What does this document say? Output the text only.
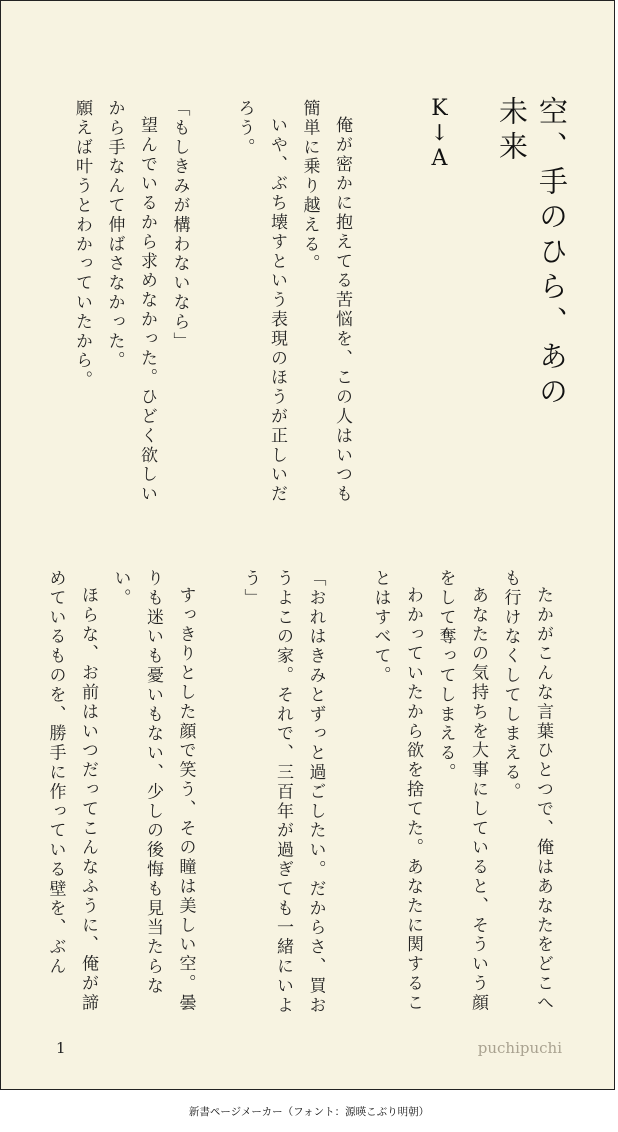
空、手のひら、あの未来
K↓A

俺が密かに抱えてる苦悩を、この人はいつも簡単に乗り越える。

いや、ぶち壊すという表現のほうが正しいだろう。

「もしきみが構わないなら」

望んでいるから求めなかった。ひどく欲しいから手なんて伸ばさなかった。

願えば叶うとわかっていたから。

たかがこんな言葉ひとつで、俺はあなたをどこへも行けなくしてしまえる。

あなたの気持ちを大事にしていると、そういう顔をして奪ってしまえる。

わかっていたから欲を捨てた。あなたに関することはすべて。

「おれはきみとずっと過ごしたい。だからさ、買おうよこの家。それで、三百年が過ぎても一緒にいよう」

すっきりとした顔で笑う、その瞳は美しい空。曇りも迷いも憂いもない、少しの後悔も見当たらない。

ほらな、お前はいつだってこんなふうに、俺が諦めているものを、勝手に作っている壁を、ぶん

1	puchipuchi
新書ページメーカー（フォント：源暎こぶり明朝）
